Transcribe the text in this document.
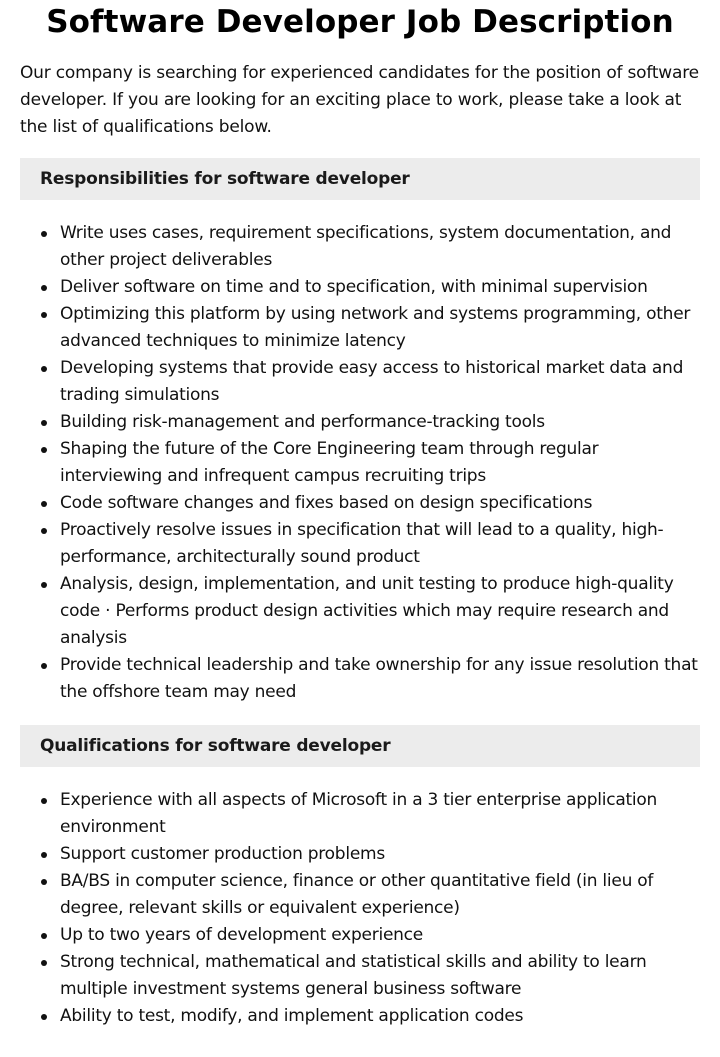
Software Developer Job Description

Our company is searching for experienced candidates for the position of software developer. If you are looking for an exciting place to work, please take a look at the list of qualifications below.

Responsibilities for software developer
Write uses cases, requirement specifications, system documentation, and other project deliverables
Deliver software on time and to specification, with minimal supervision
Optimizing this platform by using network and systems programming, other advanced techniques to minimize latency
Developing systems that provide easy access to historical market data and trading simulations
Building risk-management and performance-tracking tools
Shaping the future of the Core Engineering team through regular interviewing and infrequent campus recruiting trips
Code software changes and fixes based on design specifications
Proactively resolve issues in specification that will lead to a quality, high-performance, architecturally sound product
Analysis, design, implementation, and unit testing to produce high-quality code · Performs product design activities which may require research and analysis
Provide technical leadership and take ownership for any issue resolution that the offshore team may need
Qualifications for software developer
Experience with all aspects of Microsoft in a 3 tier enterprise application environment
Support customer production problems
BA/BS in computer science, finance or other quantitative field (in lieu of degree, relevant skills or equivalent experience)
Up to two years of development experience
Strong technical, mathematical and statistical skills and ability to learn multiple investment systems general business software
Ability to test, modify, and implement application codes
